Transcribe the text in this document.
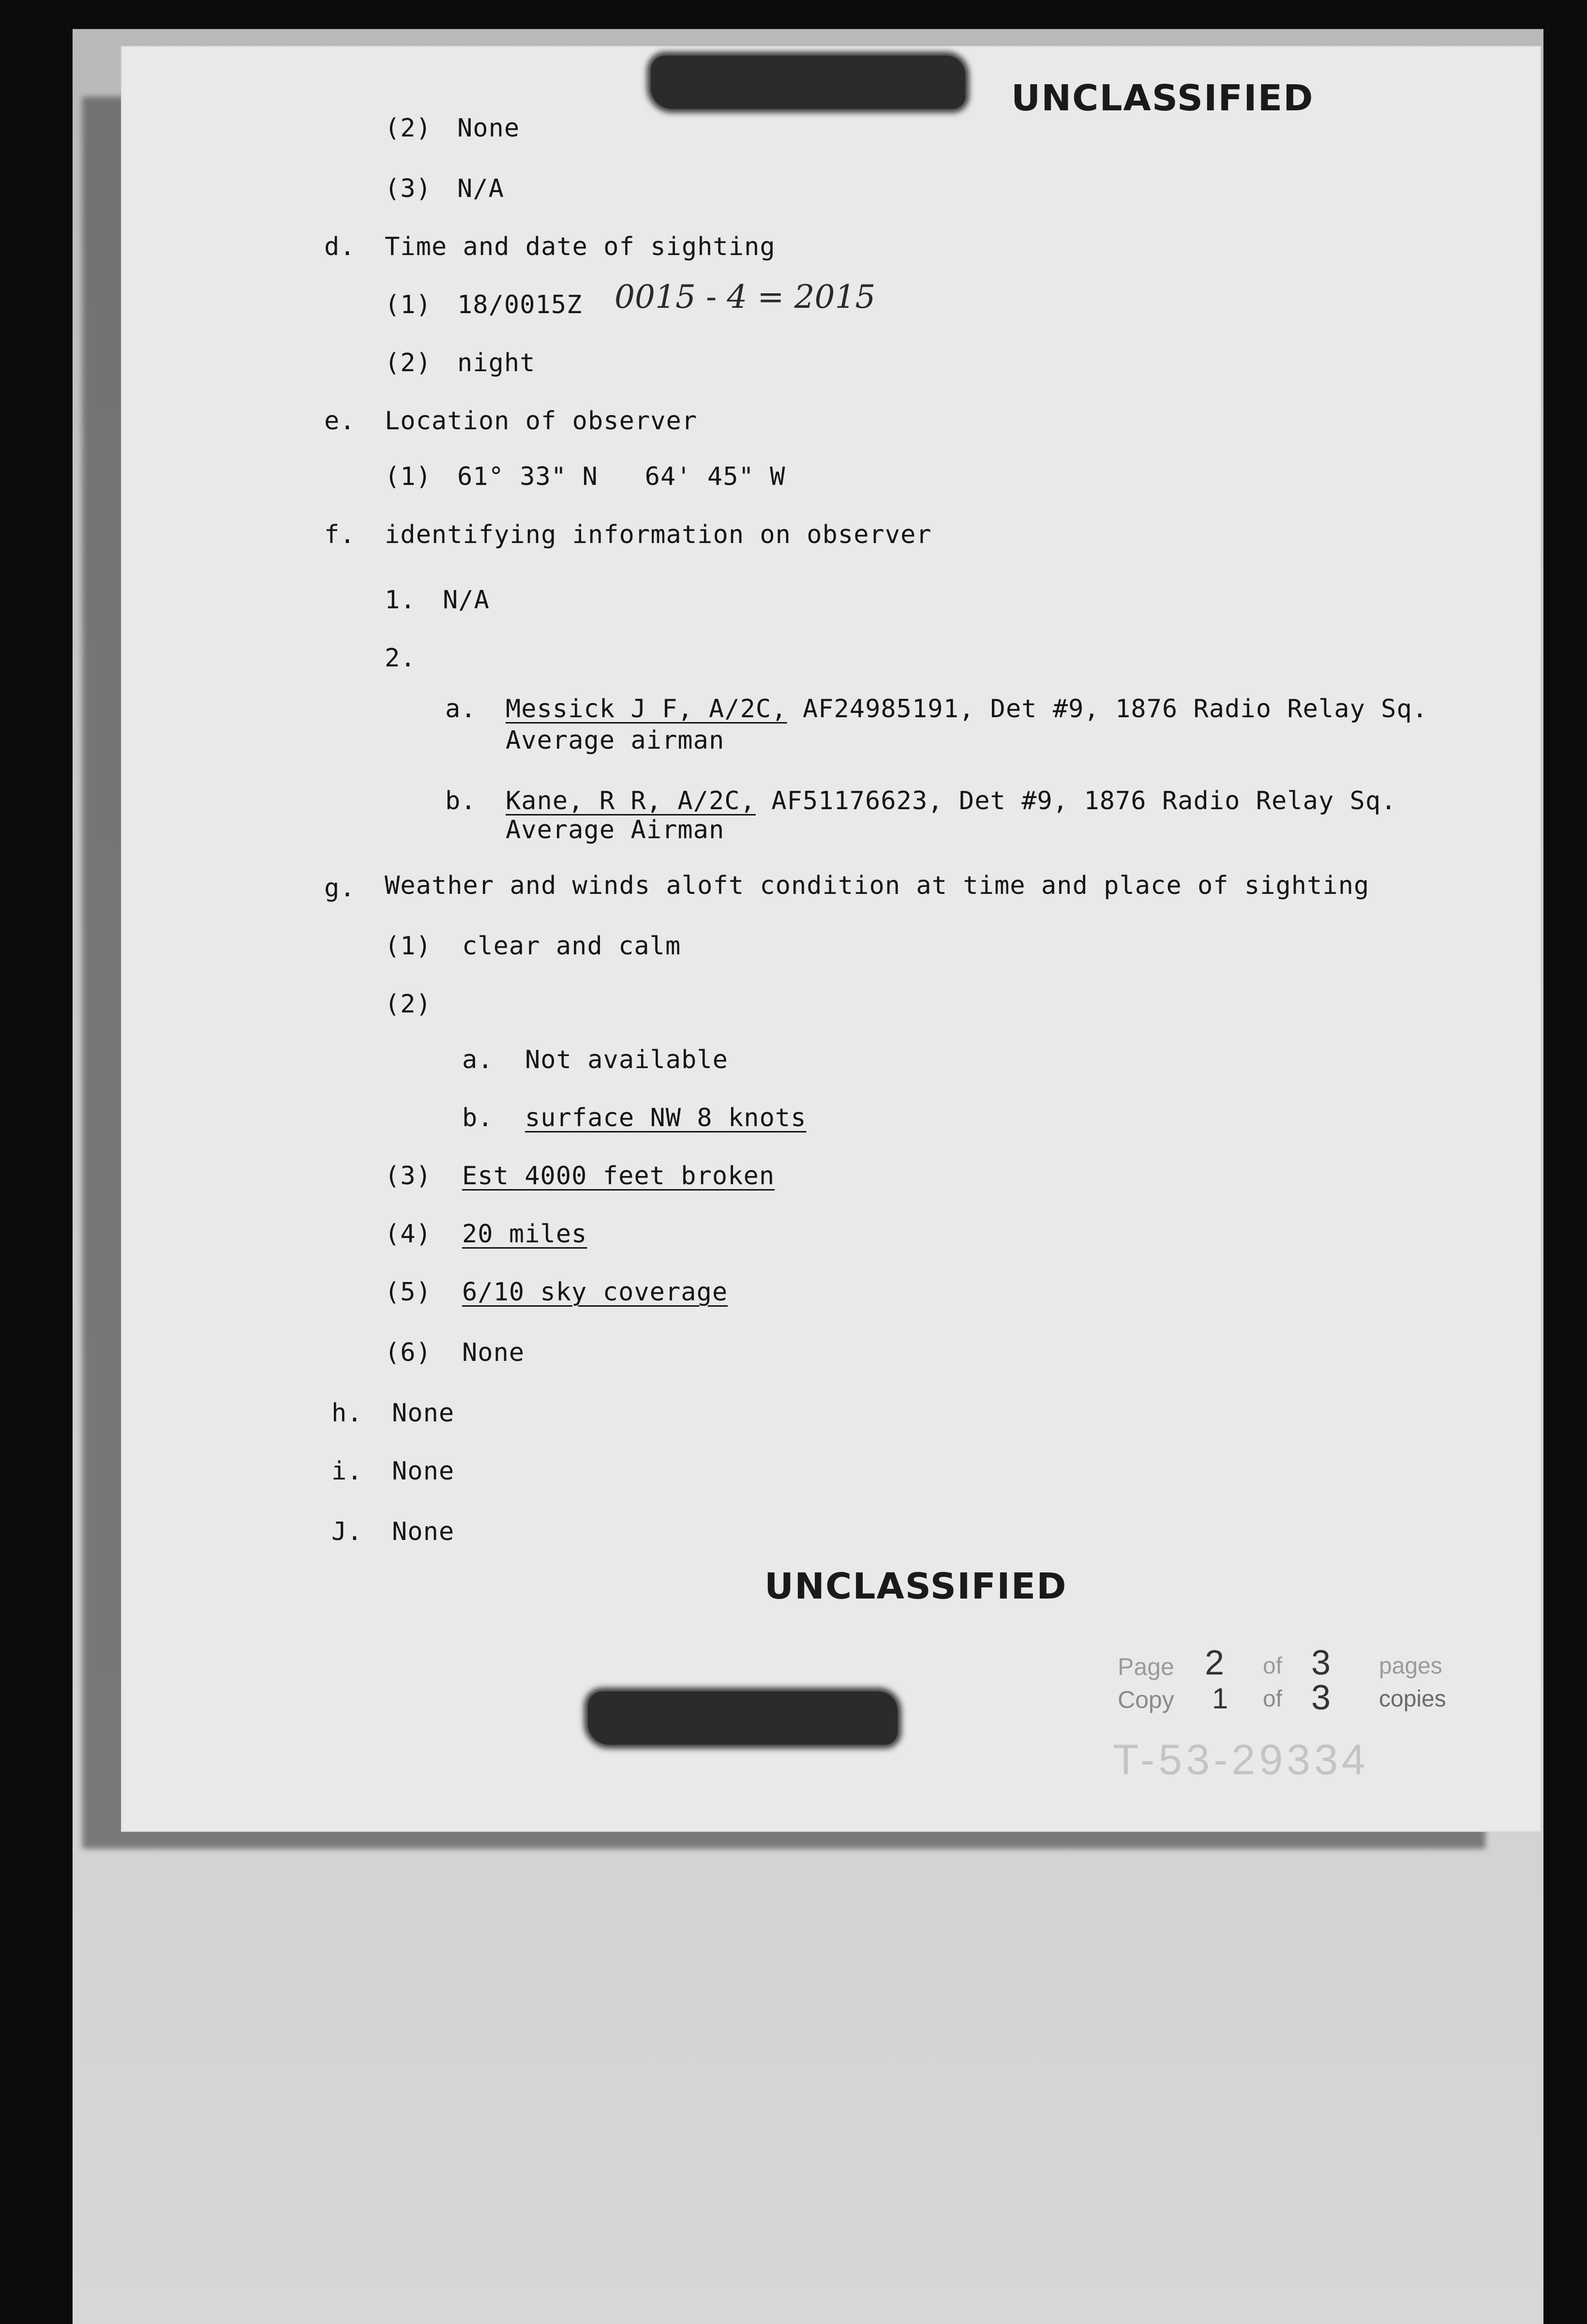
UNCLASSIFIED
(2) None
(3) N/A
d. Time and date of sighting
(1) 18/0015Z 0015 - 4 = 2015
(2) night
e. Location of observer
(1) 61° 33" N   64' 45" W
f. identifying information on observer
1. N/A
2.
a. Messick J F, A/2C, AF24985191, Det #9, 1876 Radio Relay Sq.
Average airman
b. Kane, R R, A/2C, AF51176623, Det #9, 1876 Radio Relay Sq.
Average Airman
g. Weather and winds aloft condition at time and place of sighting
(1) clear and calm
(2)
a. Not available
b. surface NW 8 knots
(3) Est 4000 feet broken
(4) 20 miles
(5) 6/10 sky coverage
(6) None
h. None
i. None
J. None
UNCLASSIFIED
Page 2 of 3 pages
Copy 1 of 3 copies
T-53-29334
